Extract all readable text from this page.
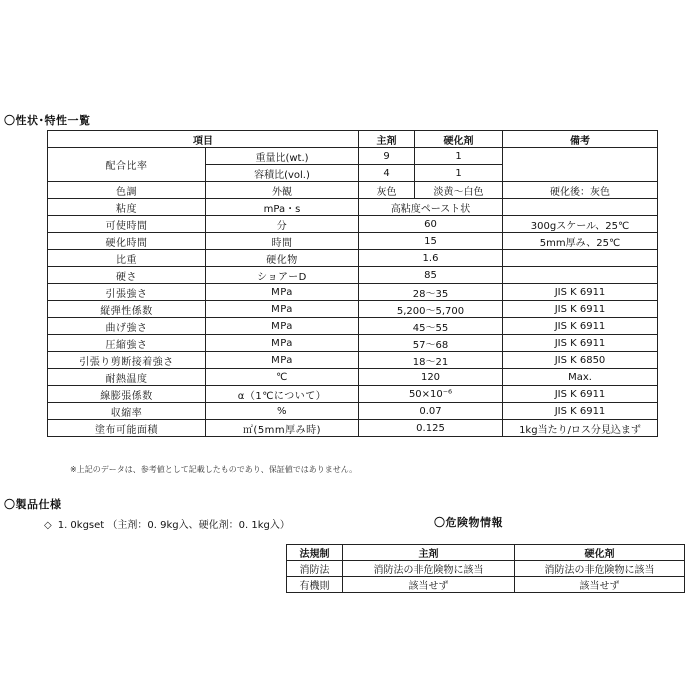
〇性状･特性一覧
項目		主剤	硬化剤	備考
配合比率	重量比(wt.)	9	1	
	容積比(vol.)	4	1	
色調	外観	灰色	淡黄～白色	硬化後：灰色
粘度	mPa・s	高粘度ペースト状		
可使時間	分	60		300gスケール、25℃
硬化時間	時間	15		5mm厚み、25℃
比重	硬化物	1.6		
硬さ	ショアーD	85		
引張強さ	MPa	28～35		JIS K 6911
縦弾性係数	MPa	5,200～5,700		JIS K 6911
曲げ強さ	MPa	45～55		JIS K 6911
圧縮強さ	MPa	57～68		JIS K 6911
引張り剪断接着強さ	MPa	18～21		JIS K 6850
耐熱温度	℃	120		Max.
線膨張係数	α（1℃について）	50×10⁻⁶		JIS K 6911
収縮率	%	0.07		JIS K 6911
塗布可能面積	㎡(5mm厚み時)	0.125		1kg当たり/ロス分見込まず
※上記のデータは、参考値として記載したものであり、保証値ではありません。
〇製品仕様
◇ 1. 0kgset （主剤：0. 9kg入、硬化剤：0. 1kg入）	〇危険物情報
法規制	主剤	硬化剤
消防法	消防法の非危険物に該当	消防法の非危険物に該当
有機則	該当せず	該当せず
